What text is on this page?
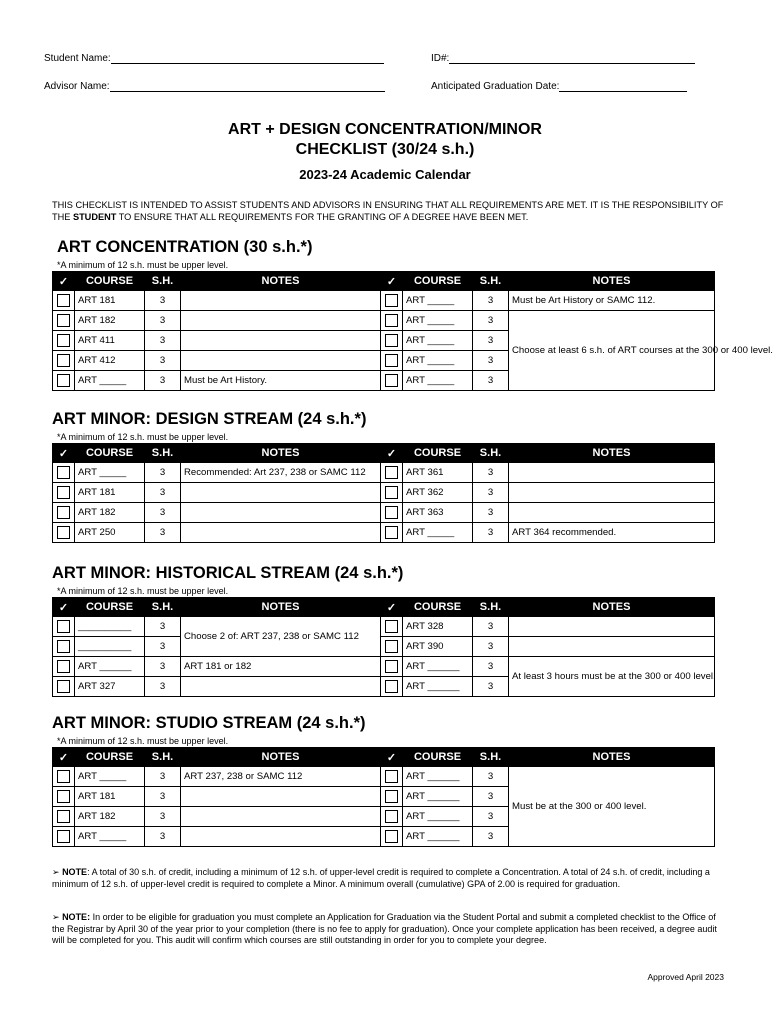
Student Name:	ID#:
Advisor Name:	Anticipated Graduation Date:
ART + DESIGN CONCENTRATION/MINOR
CHECKLIST (30/24 s.h.)
2023-24 Academic Calendar
THIS CHECKLIST IS INTENDED TO ASSIST STUDENTS AND ADVISORS IN ENSURING THAT ALL REQUIREMENTS ARE MET. IT IS THE RESPONSIBILITY OF THE STUDENT TO ENSURE THAT ALL REQUIREMENTS FOR THE GRANTING OF A DEGREE HAVE BEEN MET.
ART CONCENTRATION (30 s.h.*)
*A minimum of 12 s.h. must be upper level.
✓	COURSE	S.H.	NOTES	✓	COURSE	S.H.	NOTES
	ART 181	3			ART _____	3	Must be Art History or SAMC 112.
	ART 182	3			ART _____	3	Choose at least 6 s.h. of ART courses at the 300 or 400 level.
	ART 411	3			ART _____	3	
	ART 412	3			ART _____	3	
	ART _____	3	Must be Art History.		ART _____	3	
ART MINOR: DESIGN STREAM (24 s.h.*)
*A minimum of 12 s.h. must be upper level.
✓	COURSE	S.H.	NOTES	✓	COURSE	S.H.	NOTES
	ART _____	3	Recommended: Art 237, 238 or SAMC 112		ART 361	3	
	ART 181	3			ART 362	3	
	ART 182	3			ART 363	3	
	ART 250	3			ART _____	3	ART 364 recommended.
ART MINOR: HISTORICAL STREAM (24 s.h.*)
*A minimum of 12 s.h. must be upper level.
✓	COURSE	S.H.	NOTES	✓	COURSE	S.H.	NOTES
	__________	3	Choose 2 of: ART 237, 238 or SAMC 112		ART 328	3	
	__________	3			ART 390	3	
	ART ______	3	ART 181 or 182		ART ______	3	At least 3 hours must be at the 300 or 400 level.
	ART 327	3			ART ______	3	
ART MINOR: STUDIO STREAM (24 s.h.*)
*A minimum of 12 s.h. must be upper level.
✓	COURSE	S.H.	NOTES	✓	COURSE	S.H.	NOTES
	ART _____	3	ART 237, 238 or SAMC 112		ART ______	3	Must be at the 300 or 400 level.
	ART 181	3			ART ______	3	
	ART 182	3			ART ______	3	
	ART _____	3			ART ______	3	
➢ NOTE: A total of 30 s.h. of credit, including a minimum of 12 s.h. of upper-level credit is required to complete a Concentration. A total of 24 s.h. of credit, including a minimum of 12 s.h. of upper-level credit is required to complete a Minor. A minimum overall (cumulative) GPA of 2.00 is required for graduation.
➢ NOTE: In order to be eligible for graduation you must complete an Application for Graduation via the Student Portal and submit a completed checklist to the Office of the Registrar by April 30 of the year prior to your completion (there is no fee to apply for graduation). Once your complete application has been received, a degree audit will be completed for you. This audit will confirm which courses are still outstanding in order for you to complete your degree.
Approved April 2023
